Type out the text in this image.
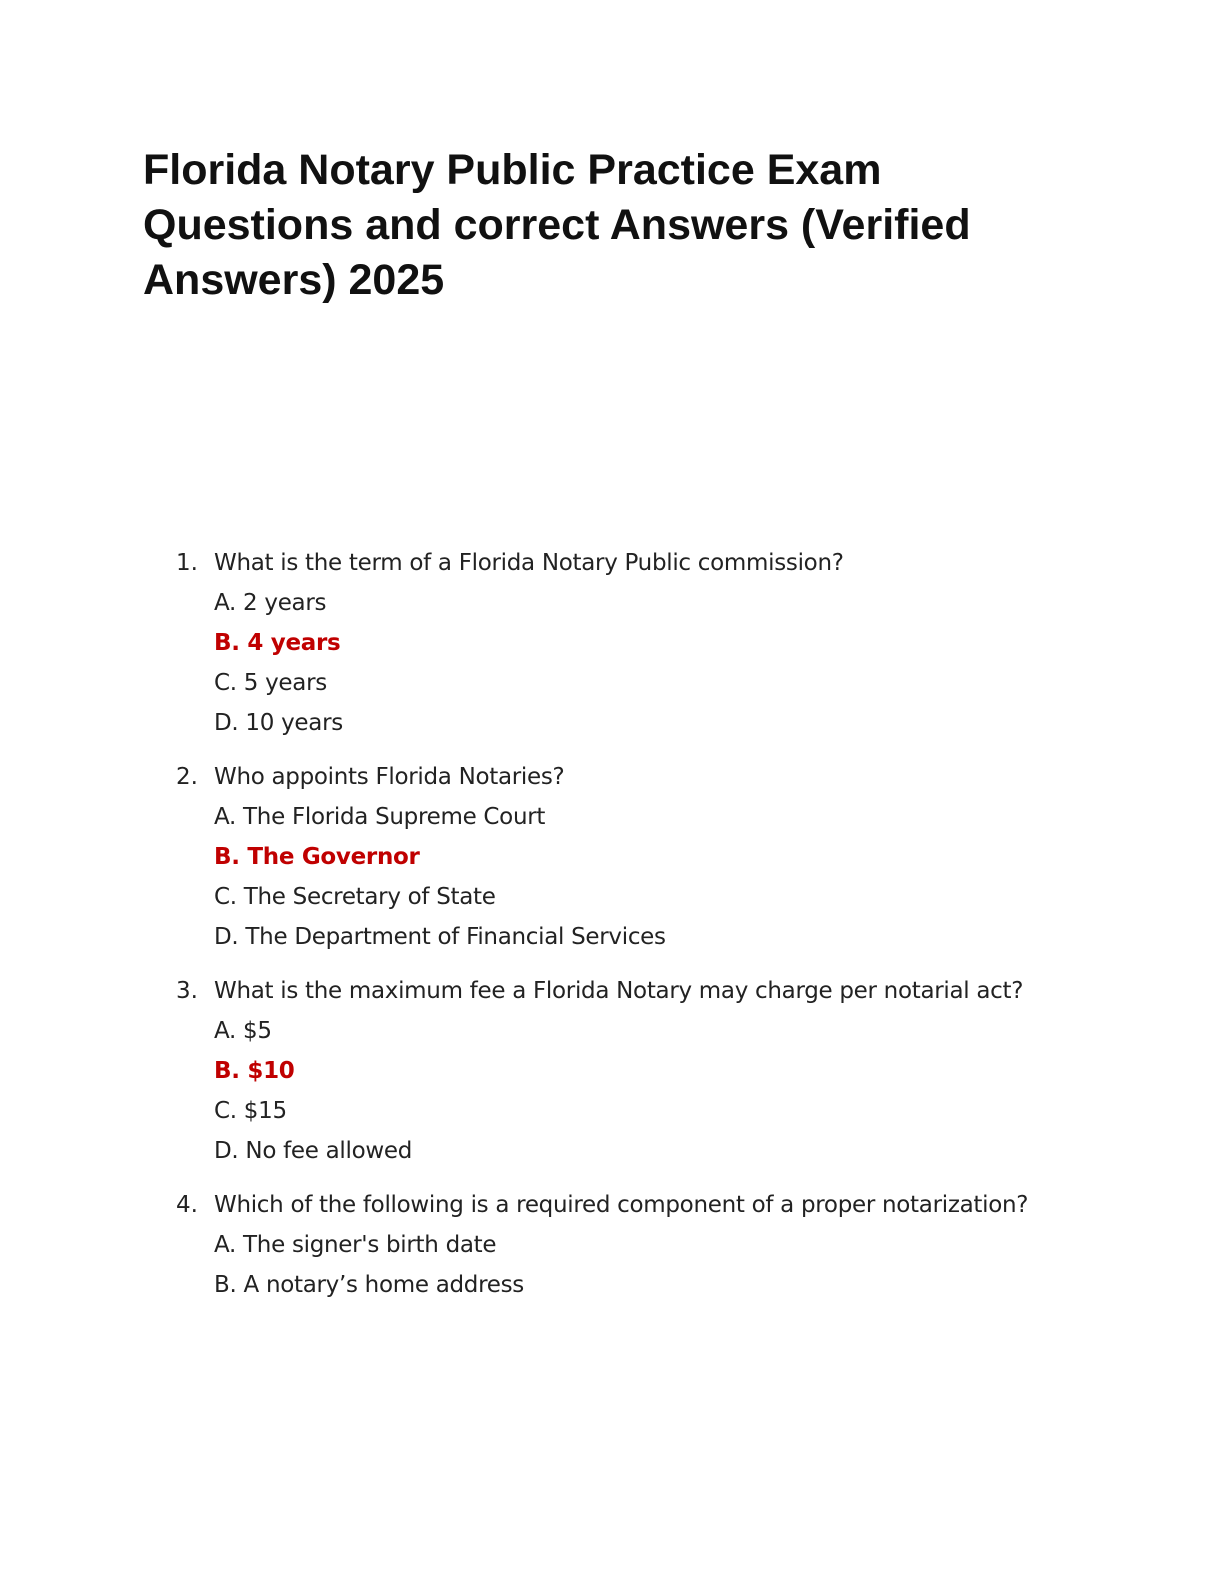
Florida Notary Public Practice Exam
Questions and correct Answers (Verified
Answers) 2025
1. What is the term of a Florida Notary Public commission?
A. 2 years
B. 4 years
C. 5 years
D. 10 years
2. Who appoints Florida Notaries?
A. The Florida Supreme Court
B. The Governor
C. The Secretary of State
D. The Department of Financial Services
3. What is the maximum fee a Florida Notary may charge per notarial act?
A. $5
B. $10
C. $15
D. No fee allowed
4. Which of the following is a required component of a proper notarization?
A. The signer's birth date
B. A notary’s home address
